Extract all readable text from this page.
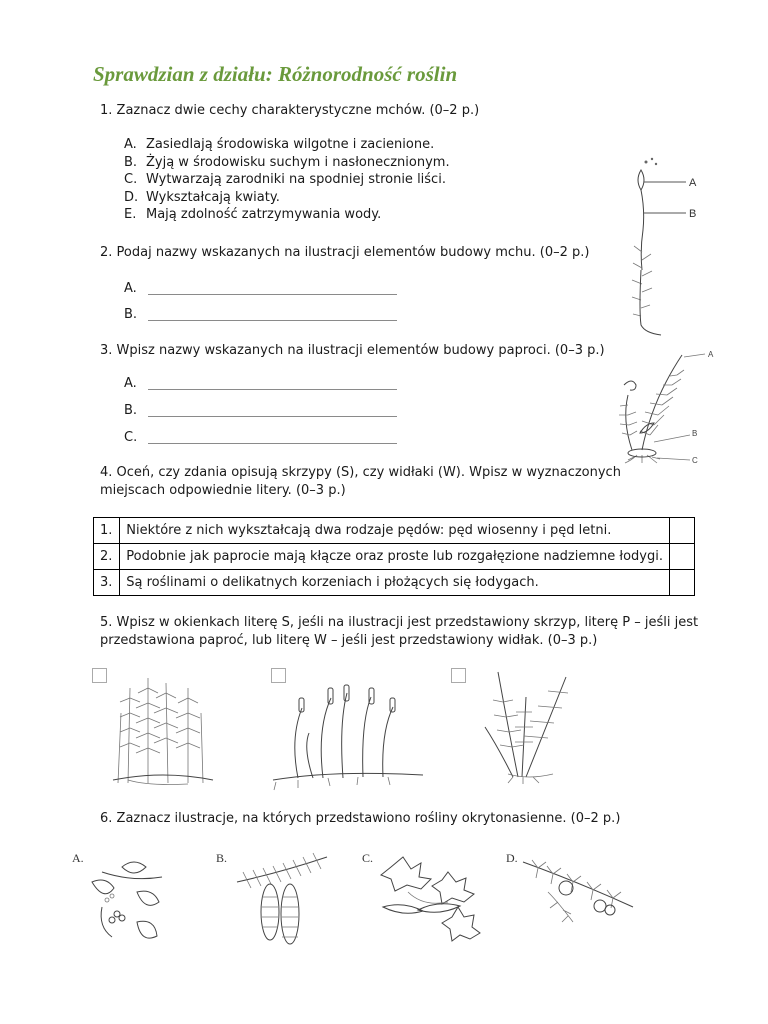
Sprawdzian z działu: Różnorodność roślin
1. Zaznacz dwie cechy charakterystyczne mchów. (0–2 p.)
A. Zasiedlają środowiska wilgotne i zacienione.
B. Żyją w środowisku suchym i nasłonecznionym.
C. Wytwarzają zarodniki na spodniej stronie liści.
D. Wykształcają kwiaty.
E. Mają zdolność zatrzymywania wody.
A
B
2. Podaj nazwy wskazanych na ilustracji elementów budowy mchu. (0–2 p.)
A.
B.
3. Wpisz nazwy wskazanych na ilustracji elementów budowy paproci. (0–3 p.)
A.
B.
C.
A
B
C
4. Oceń, czy zdania opisują skrzypy (S), czy widłaki (W). Wpisz w wyznaczonych
miejscach odpowiednie litery. (0–3 p.)
1.	Niektóre z nich wykształcają dwa rodzaje pędów: pęd wiosenny i pęd letni.	
2.	Podobnie jak paprocie mają kłącze oraz proste lub rozgałęzione nadziemne łodygi.	
3.	Są roślinami o delikatnych korzeniach i płożących się łodygach.	
5. Wpisz w okienkach literę S, jeśli na ilustracji jest przedstawiony skrzyp, literę P – jeśli jest
przedstawiona paproć, lub literę W – jeśli jest przedstawiony widłak. (0–3 p.)
6. Zaznacz ilustracje, na których przedstawiono rośliny okrytonasienne. (0–2 p.)
A.	B.	C.	D.
